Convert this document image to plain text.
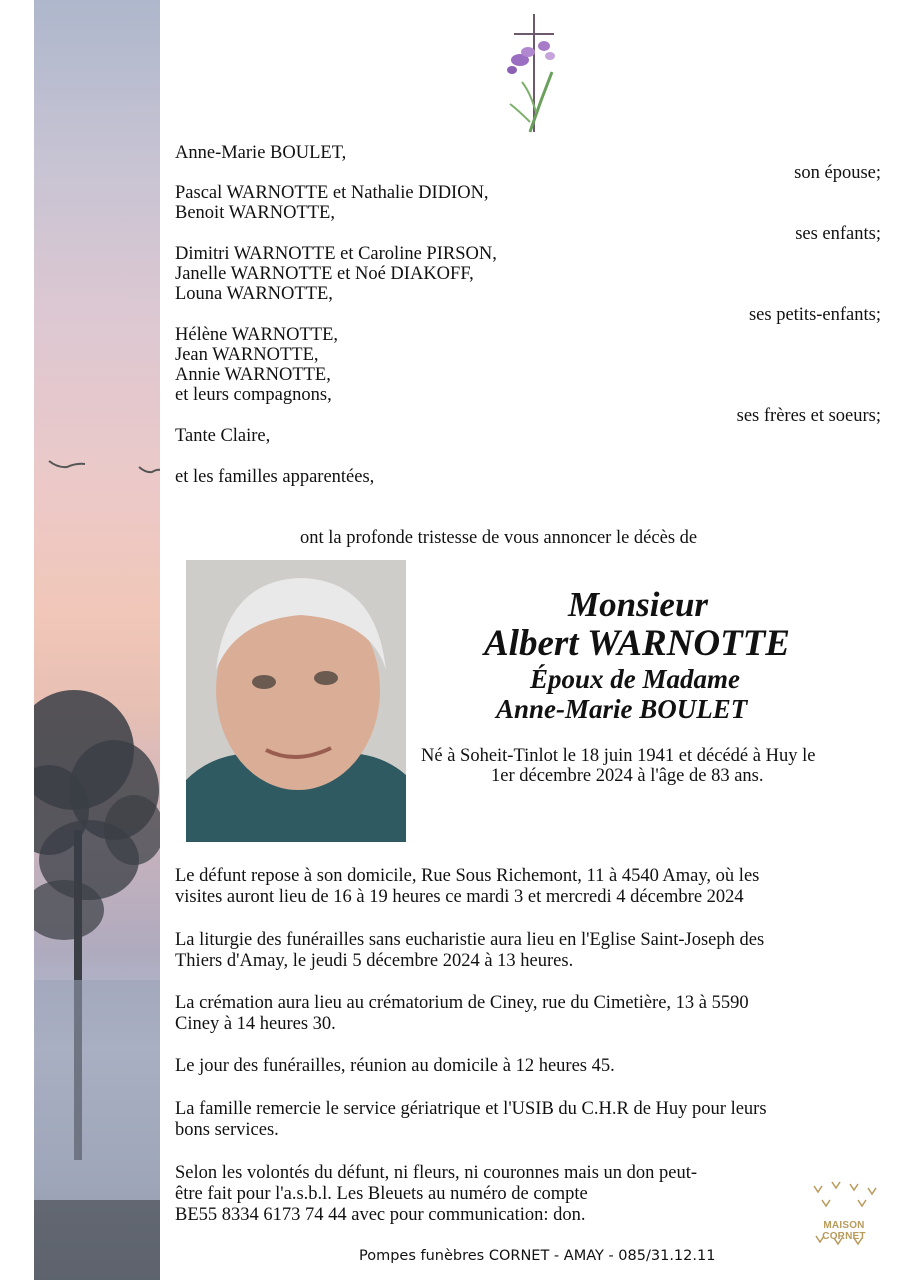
Anne-Marie BOULET,
son épouse;
Pascal WARNOTTE et Nathalie DIDION,
Benoit WARNOTTE,
ses enfants;
Dimitri WARNOTTE et Caroline PIRSON,
Janelle WARNOTTE et Noé DIAKOFF,
Louna WARNOTTE,
ses petits-enfants;
Hélène WARNOTTE,
Jean WARNOTTE,
Annie WARNOTTE,
et leurs compagnons,
ses frères et soeurs;
Tante Claire,
et les familles apparentées,
ont la profonde tristesse de vous annoncer le décès de
Monsieur
Albert WARNOTTE
Époux de Madame
Anne-Marie BOULET
Né à Soheit-Tinlot le 18 juin 1941 et décédé à Huy le
1er décembre 2024 à l'âge de 83 ans.
Le défunt repose à son domicile, Rue Sous Richemont, 11 à 4540 Amay, où les
visites auront lieu de 16 à 19 heures ce mardi 3 et mercredi 4 décembre 2024
La liturgie des funérailles sans eucharistie aura lieu en l'Eglise Saint-Joseph des
Thiers d'Amay, le jeudi 5 décembre 2024 à 13 heures.
La crémation aura lieu au crématorium de Ciney, rue du Cimetière, 13 à 5590
Ciney à 14 heures 30.
Le jour des funérailles, réunion au domicile à 12 heures 45.
La famille remercie le service gériatrique et l'USIB du C.H.R de Huy pour leurs
bons services.
Selon les volontés du défunt, ni fleurs, ni couronnes mais un don peut-
être fait pour l'a.s.b.l. Les Bleuets au numéro de compte
BE55 8334 6173 74 44 avec pour communication: don.
MAISON CORNET
Pompes funèbres CORNET - AMAY - 085/31.12.11
